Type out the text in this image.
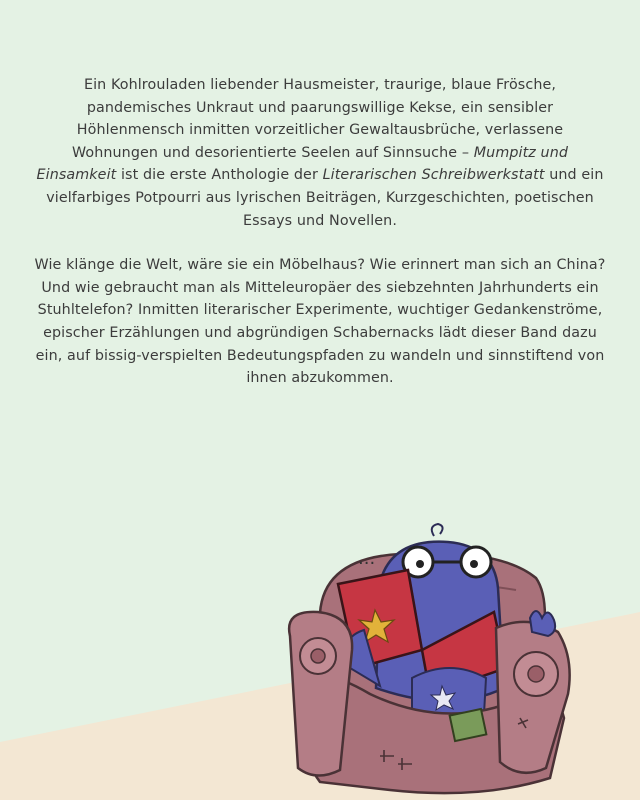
Ein Kohlrouladen liebender Hausmeister, traurige, blaue Frösche, pandemisches Unkraut und paarungswillige Kekse, ein sensibler Höhlenmensch inmitten vorzeitlicher Gewaltausbrüche, verlassene Wohnungen und desorientierte Seelen auf Sinnsuche – Mumpitz und Einsamkeit ist die erste Anthologie der Literarischen Schreibwerkstatt und ein vielfarbiges Potpourri aus lyrischen Beiträgen, Kurzgeschichten, poetischen Essays und Novellen.

Wie klänge die Welt, wäre sie ein Möbelhaus? Wie erinnert man sich an China? Und wie gebraucht man als Mitteleuropäer des siebzehnten Jahrhunderts ein Stuhltelefon? Inmitten literarischer Experimente, wuchtiger Gedankenströme, epischer Erzählungen und abgründigen Schabernacks lädt dieser Band dazu ein, auf bissig-verspielten Bedeutungspfaden zu wandeln und sinnstiftend von ihnen abzukommen.

...
